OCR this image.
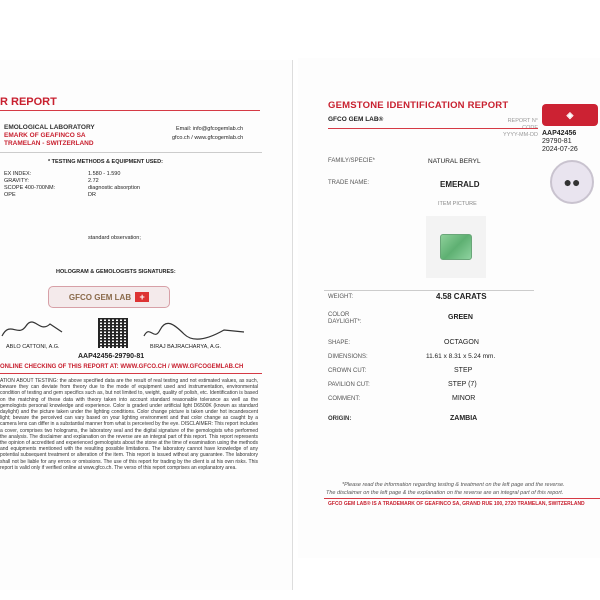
R REPORT
EMOLOGICAL LABORATORY
EMARK OF GEAFINCO SA
TRAMELAN - SWITZERLAND
Email: info@gfcogemlab.ch
gfco.ch / www.gfcogemlab.ch
* TESTING METHODS & EQUIPMENT USED:
EX INDEX:	1.580 - 1.590
GRAVITY:	2.72
SCOPE 400-700NM:	diagnostic absorption
OPE	DR
standard observation;
HOLOGRAM & GEMOLOGISTS SIGNATURES:
GFCO GEM LAB +
ABLO CATTONI, A.G.	BIRAJ BAJRACHARYA, A.G.
AAP42456-29790-81
ONLINE CHECKING OF THIS REPORT AT: WWW.GFCO.CH / WWW.GFCOGEMLAB.CH
ATION ABOUT TESTING: the above specified data are the result of real testing and not estimated values, as such, beware they can deviate from theory due to the mode of equipment used and instrumentation, environmental condition of testing and gem specifics such as, but not limited to, weight, quality of polish, etc. Identification is based on the matching of these data with theory taken into account standard reasonable tolerance as well as the gemologists personal knowledge and experience. Color is graded under artificial light D6500K (known as standard daylight) and the picture taken under the lighting conditions. Color change picture is taken under hot incandescent light; beware the perceived can vary based on your lighting environment and that color change as caught by a camera lens can differ in a substantial manner from what is perceived by the eye. DISCLAIMER: This report includes a cover, comprises two holograms, the laboratory seal and the digital signature of the gemologists who performed the analysis. The disclaimer and explanation on the reverse are an integral part of this report. This report represents the opinion of accredited and experienced gemologists about the stone at the time of examination using the methods and equipments mentioned with the resulting possible limitations. The laboratory cannot have knowledge of any potential subsequent treatment or alteration of the item. This report is issued without any guarantee. The laboratory shall not be liable for any errors or omissions. The use of this report for trading by the client is at his own risks. This report is valid only if verified online at www.gfco.ch. The verso of this report comprises an explanatory area.
GEMSTONE IDENTIFICATION REPORT
GFCO GEM LAB®	REPORT N°
YYYY-MM-DD
◈
AAP42456
29790-81
2024-07-26
●●
FAMILY/SPECIE*	NATURAL BERYL
TRADE NAME:	EMERALD
ITEM PICTURE
WEIGHT:	4.58 CARATS
COLOR
DAYLIGHT*:
GREEN
SHAPE:	OCTAGON
DIMENSIONS:	11.61 x 8.31 x 5.24 mm.
CROWN CUT:	STEP
PAVILION CUT:	STEP (7)
COMMENT:	MINOR
ORIGIN:	ZAMBIA
*Please read the information regarding testing & treatment on the left page and the reverse.
The disclaimer on the left page & the explanation on the reverse are an integral part of this report.
GFCO GEM LAB® IS A TRADEMARK OF GEAFINCO SA, GRAND RUE 100, 2720 TRAMELAN, SWITZERLAND
